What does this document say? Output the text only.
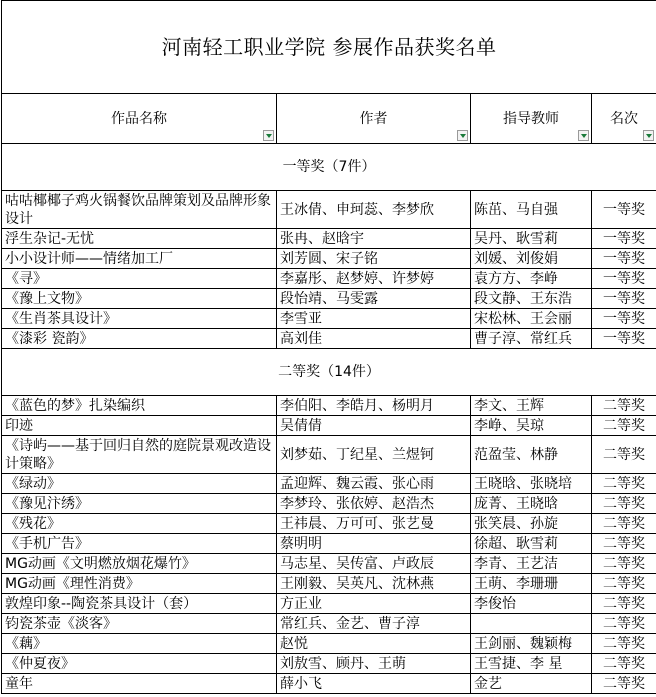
河南轻工职业学院 参展作品获奖名单			
作品名称	作者	指导教师	名次

一等奖（7件）			
咕咕椰椰子鸡火锅餐饮品牌策划及品牌形象设计	王冰倩、申珂蕊、李梦欣	陈茁、马自强	一等奖
浮生杂记-无忧	张冉、赵晗宇	吴丹、耿雪莉	一等奖
小小设计师——情绪加工厂	刘芳圆、宋子铭	刘媛、刘俊娟	一等奖
《寻》	李嘉彤、赵梦婷、许梦婷	袁方方、李峥	一等奖
《豫上文物》	段怡靖、马雯露	段文静、王东浩	一等奖
《生肖茶具设计》	李雪亚	宋松林、王会丽	一等奖
《漆彩 瓷韵》	高刘佳	曹子淳、常红兵	一等奖
二等奖（14件）			
《蓝色的梦》扎染编织	李伯阳、李皓月、杨明月	李文、王辉	二等奖
印迹	吴倩倩	李峥、吴琼	二等奖
《诗屿——基于回归自然的庭院景观改造设计策略》	刘梦茹、丁纪星、兰煜钶	范盈莹、林静	二等奖
《绿动》	孟迎辉、魏云霞、张心雨	王晓晗、张晓培	二等奖
《豫见汴绣》	李梦玲、张依婷、赵浩杰	庞菁、王晓晗	二等奖
《残花》	王祎晨、万可可、张艺曼	张笑晨、孙旋	二等奖
《手机广告》	蔡明明	徐超、耿雪莉	二等奖
MG动画《文明燃放烟花爆竹》	马志星、吴传富、卢政辰	李青、王艺洁	二等奖
MG动画《理性消费》	王刚毅、吴英凡、沈林燕	王萌、李珊珊	二等奖
敦煌印象--陶瓷茶具设计（套）	方正业	李俊怡	二等奖
钧瓷茶壶《淡客》	常红兵、金艺、曹子淳		二等奖
《藕》	赵悦	王剑丽、魏颖梅	二等奖
《仲夏夜》	刘敖雪、顾丹、王萌	王雪捷、李 星	二等奖
童年	薛小飞	金艺	二等奖
